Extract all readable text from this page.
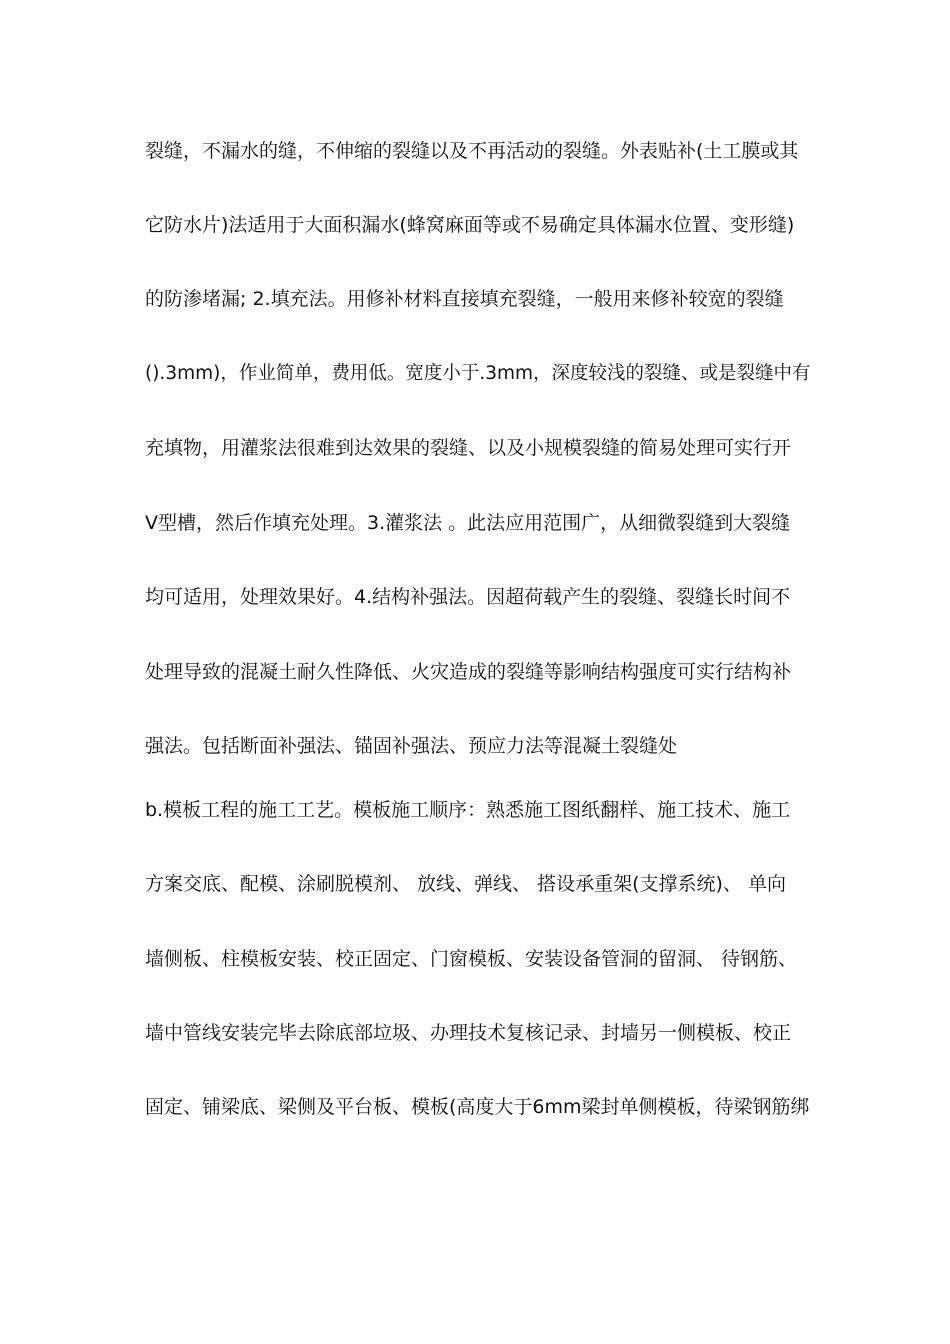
裂缝，不漏水的缝，不伸缩的裂缝以及不再活动的裂缝。外表贴补(土工膜或其
它防水片)法适用于大面积漏水(蜂窝麻面等或不易确定具体漏水位置、变形缝)
的防渗堵漏; 2.填充法。用修补材料直接填充裂缝，一般用来修补较宽的裂缝
().3mm)，作业简单，费用低。宽度小于.3mm，深度较浅的裂缝、或是裂缝中有
充填物，用灌浆法很难到达效果的裂缝、以及小规模裂缝的简易处理可实行开
V型槽，然后作填充处理。3.灌浆法 。此法应用范围广，从细微裂缝到大裂缝
均可适用，处理效果好。4.结构补强法。因超荷载产生的裂缝、裂缝长时间不
处理导致的混凝土耐久性降低、火灾造成的裂缝等影响结构强度可实行结构补
强法。包括断面补强法、锚固补强法、预应力法等混凝土裂缝处
b.模板工程的施工工艺。模板施工顺序：熟悉施工图纸翻样、施工技术、施工
方案交底、配模、涂刷脱模剂、 放线、弹线、 搭设承重架(支撑系统)、 单向
墙侧板、柱模板安装、校正固定、门窗模板、安装设备管洞的留洞、 待钢筋、
墙中管线安装完毕去除底部垃圾、办理技术复核记录、封墙另一侧模板、校正
固定、铺梁底、梁侧及平台板、模板(高度大于6mm梁封单侧模板，待梁钢筋绑
